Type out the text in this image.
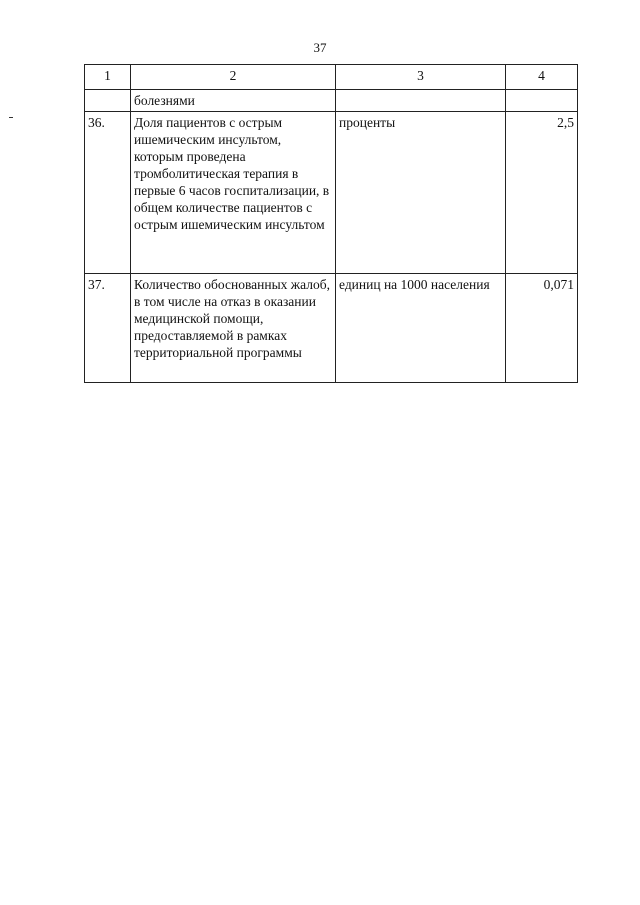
37
1	2	3	4
	болезнями		
36.	Доля пациентов с острым ишемическим инсультом, которым проведена тромболитическая терапия в первые 6 часов госпитализации, в общем количестве пациентов с острым ишемическим инсультом	проценты	2,5
37.	Количество обоснованных жалоб, в том числе на отказ в оказании медицинской помощи, предоставляемой в рамках территориальной программы	единиц на 1000 населения	0,071
